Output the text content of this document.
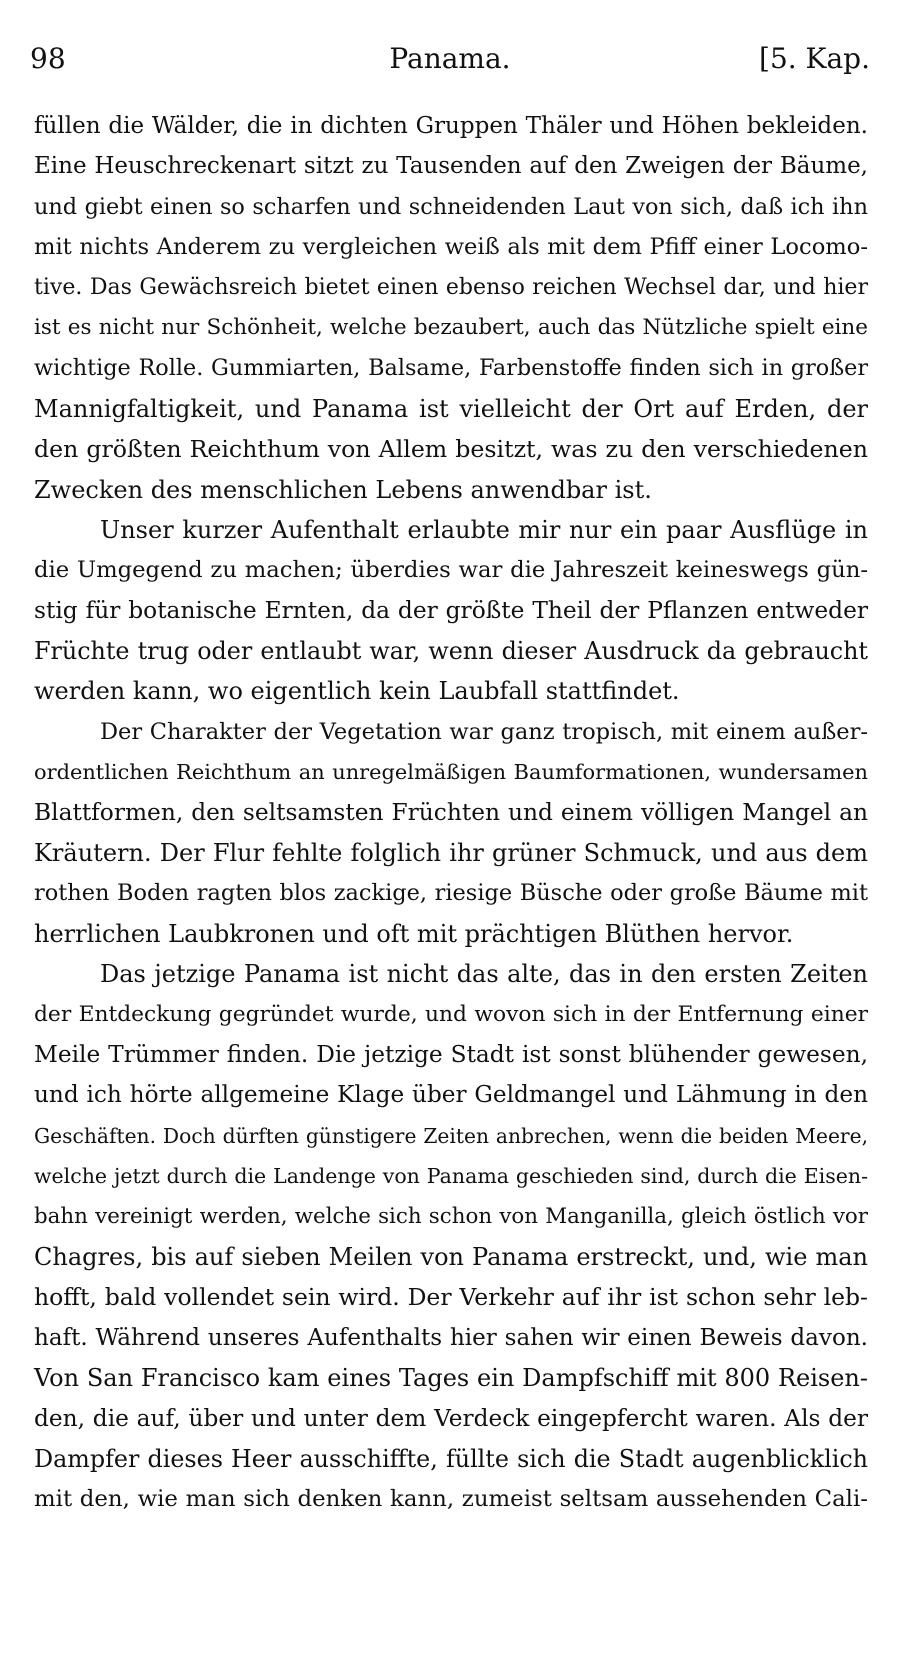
98	Panama.	[5. Kap.
füllen die Wälder, die in dichten Gruppen Thäler und Höhen bekleiden.
Eine Heuschreckenart sitzt zu Tausenden auf den Zweigen der Bäume,
und giebt einen so scharfen und schneidenden Laut von sich, daß ich ihn
mit nichts Anderem zu vergleichen weiß als mit dem Pfiff einer Locomo-
tive. Das Gewächsreich bietet einen ebenso reichen Wechsel dar, und hier
ist es nicht nur Schönheit, welche bezaubert, auch das Nützliche spielt eine
wichtige Rolle. Gummiarten, Balsame, Farbenstoffe finden sich in großer
Mannigfaltigkeit, und Panama ist vielleicht der Ort auf Erden, der
den größten Reichthum von Allem besitzt, was zu den verschiedenen
Zwecken des menschlichen Lebens anwendbar ist.
Unser kurzer Aufenthalt erlaubte mir nur ein paar Ausflüge in
die Umgegend zu machen; überdies war die Jahreszeit keineswegs gün-
stig für botanische Ernten, da der größte Theil der Pflanzen entweder
Früchte trug oder entlaubt war, wenn dieser Ausdruck da gebraucht
werden kann, wo eigentlich kein Laubfall stattfindet.
Der Charakter der Vegetation war ganz tropisch, mit einem außer-
ordentlichen Reichthum an unregelmäßigen Baumformationen, wundersamen
Blattformen, den seltsamsten Früchten und einem völligen Mangel an
Kräutern. Der Flur fehlte folglich ihr grüner Schmuck, und aus dem
rothen Boden ragten blos zackige, riesige Büsche oder große Bäume mit
herrlichen Laubkronen und oft mit prächtigen Blüthen hervor.
Das jetzige Panama ist nicht das alte, das in den ersten Zeiten
der Entdeckung gegründet wurde, und wovon sich in der Entfernung einer
Meile Trümmer finden. Die jetzige Stadt ist sonst blühender gewesen,
und ich hörte allgemeine Klage über Geldmangel und Lähmung in den
Geschäften. Doch dürften günstigere Zeiten anbrechen, wenn die beiden Meere,
welche jetzt durch die Landenge von Panama geschieden sind, durch die Eisen-
bahn vereinigt werden, welche sich schon von Manganilla, gleich östlich vor
Chagres, bis auf sieben Meilen von Panama erstreckt, und, wie man
hofft, bald vollendet sein wird. Der Verkehr auf ihr ist schon sehr leb-
haft. Während unseres Aufenthalts hier sahen wir einen Beweis davon.
Von San Francisco kam eines Tages ein Dampfschiff mit 800 Reisen-
den, die auf, über und unter dem Verdeck eingepfercht waren. Als der
Dampfer dieses Heer ausschiffte, füllte sich die Stadt augenblicklich
mit den, wie man sich denken kann, zumeist seltsam aussehenden Cali-
